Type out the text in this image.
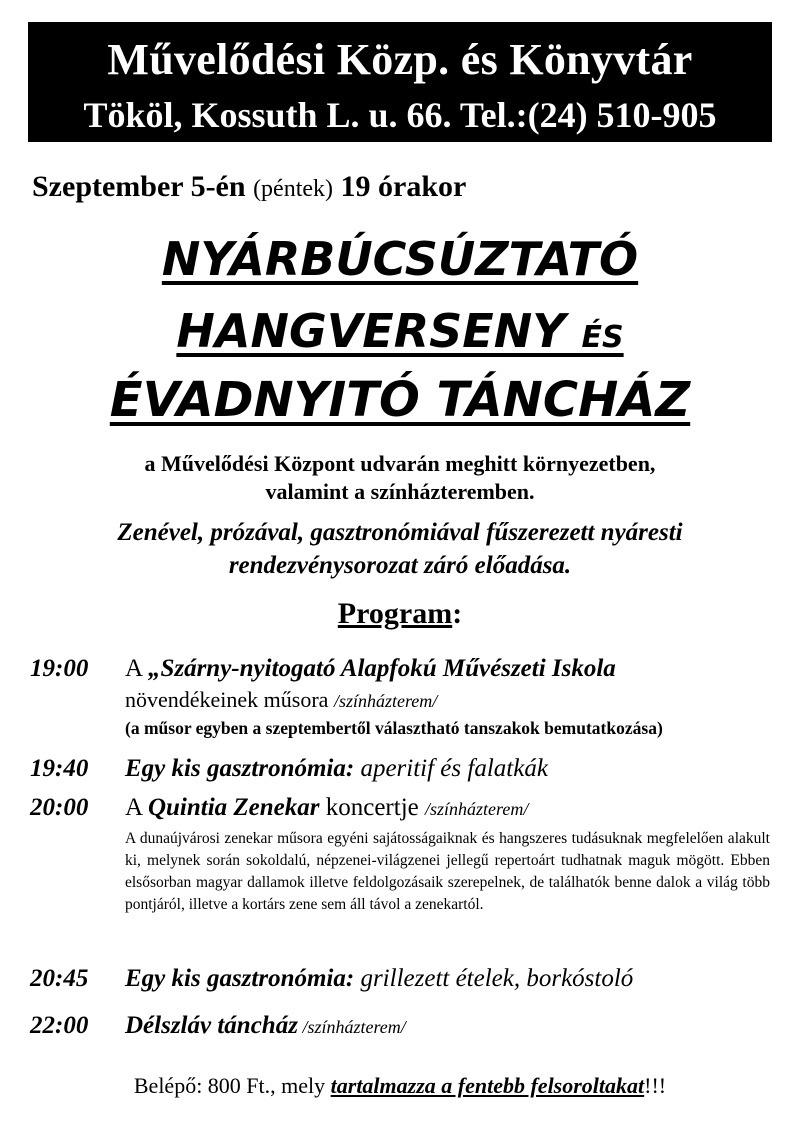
Művelődési Közp. és Könyvtár
Tököl, Kossuth L. u. 66. Tel.:(24) 510-905
Szeptember 5-én (péntek) 19 órakor
NYÁRBÚCSÚZTATÓ
HANGVERSENY ÉS
ÉVADNYITÓ TÁNCHÁZ
a Művelődési Központ udvarán meghitt környezetben,
valamint a színházteremben.
Zenével, prózával, gasztronómiával fűszerezett nyáresti
rendezvénysorozat záró előadása.
Program:
19:00 A „Szárny-nyitogató Alapfokú Művészeti Iskola
növendékeinek műsora /színházterem/
(a műsor egyben a szeptembertől választható tanszakok bemutatkozása)
19:40 Egy kis gasztronómia: aperitif és falatkák
20:00 A Quintia Zenekar koncertje /színházterem/
A dunaújvárosi zenekar műsora egyéni sajátosságaiknak és hangszeres tudásuknak megfelelően alakult ki, melynek során sokoldalú, népzenei-világzenei jellegű repertoárt tudhatnak maguk mögött. Ebben elsősorban magyar dallamok illetve feldolgozásaik szerepelnek, de találhatók benne dalok a világ több pontjáról, illetve a kortárs zene sem áll távol a zenekartól.
20:45 Egy kis gasztronómia: grillezett ételek, borkóstoló
22:00 Délszláv táncház /színházterem/
Belépő: 800 Ft., mely tartalmazza a fentebb felsoroltakat!!!
